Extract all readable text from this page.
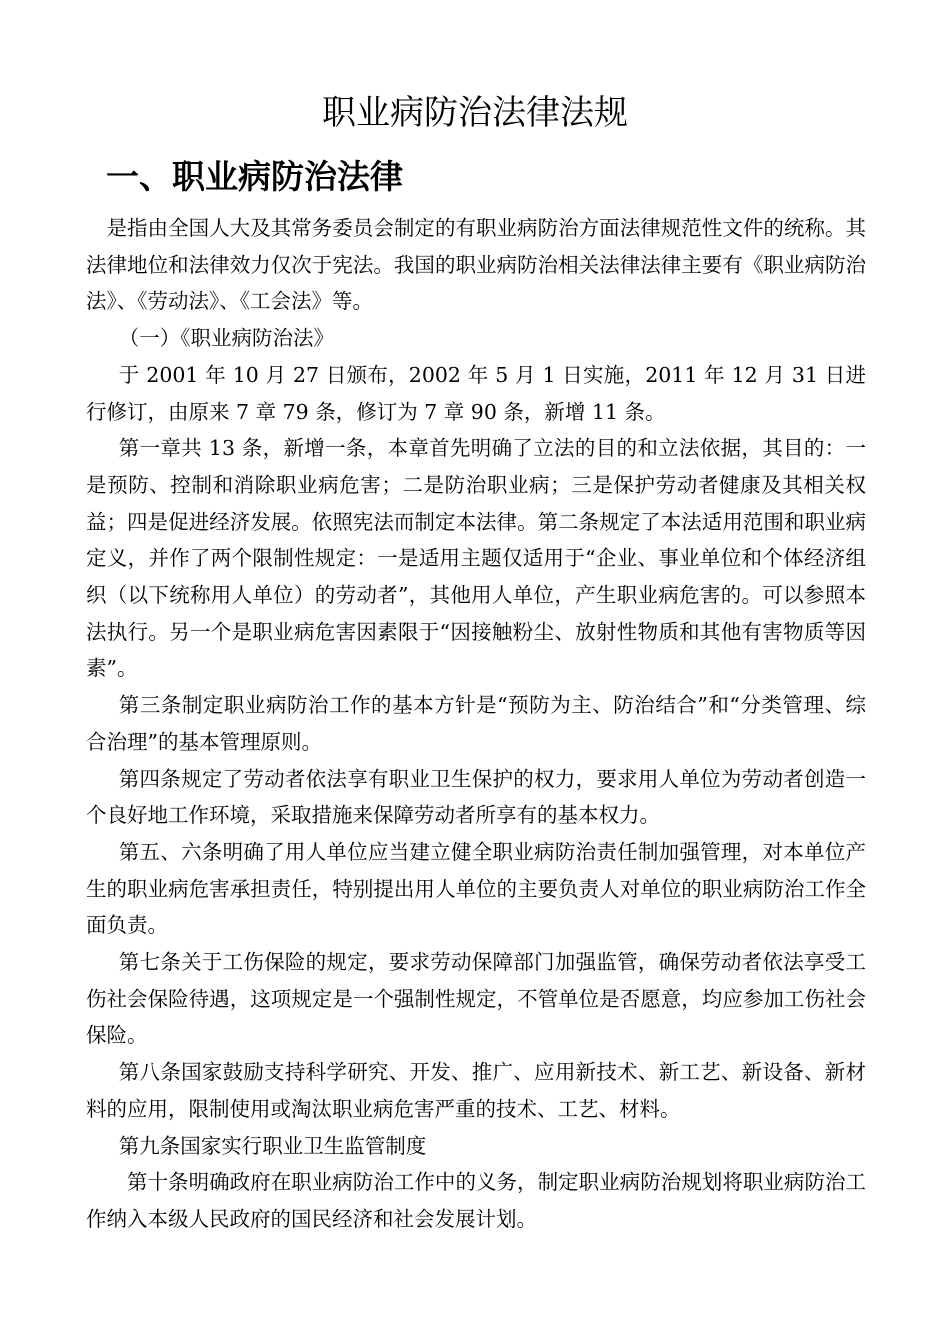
职业病防治法律法规
一、职业病防治法律

是指由全国人大及其常务委员会制定的有职业病防治方面法律规范性文件的统称。其法律地位和法律效力仅次于宪法。我国的职业病防治相关法律法律主要有《职业病防治法》、《劳动法》、《工会法》等。

（一）《职业病防治法》

于 2001 年 10 月 27 日颁布，2002 年 5 月 1 日实施，2011 年 12 月 31 日进行修订，由原来 7 章 79 条，修订为 7 章 90 条，新增 11 条。

第一章共 13 条，新增一条，本章首先明确了立法的目的和立法依据，其目的：一是预防、控制和消除职业病危害；二是防治职业病；三是保护劳动者健康及其相关权益；四是促进经济发展。依照宪法而制定本法律。第二条规定了本法适用范围和职业病定义，并作了两个限制性规定：一是适用主题仅适用于“企业、事业单位和个体经济组织（以下统称用人单位）的劳动者”，其他用人单位，产生职业病危害的。可以参照本法执行。另一个是职业病危害因素限于“因接触粉尘、放射性物质和其他有害物质等因素”。

第三条制定职业病防治工作的基本方针是“预防为主、防治结合”和“分类管理、综合治理”的基本管理原则。

第四条规定了劳动者依法享有职业卫生保护的权力，要求用人单位为劳动者创造一个良好地工作环境，采取措施来保障劳动者所享有的基本权力。

第五、六条明确了用人单位应当建立健全职业病防治责任制加强管理，对本单位产生的职业病危害承担责任，特别提出用人单位的主要负责人对单位的职业病防治工作全面负责。

第七条关于工伤保险的规定，要求劳动保障部门加强监管，确保劳动者依法享受工伤社会保险待遇，这项规定是一个强制性规定，不管单位是否愿意，均应参加工伤社会保险。

第八条国家鼓励支持科学研究、开发、推广、应用新技术、新工艺、新设备、新材料的应用，限制使用或淘汰职业病危害严重的技术、工艺、材料。

第九条国家实行职业卫生监管制度

第十条明确政府在职业病防治工作中的义务，制定职业病防治规划将职业病防治工作纳入本级人民政府的国民经济和社会发展计划。
